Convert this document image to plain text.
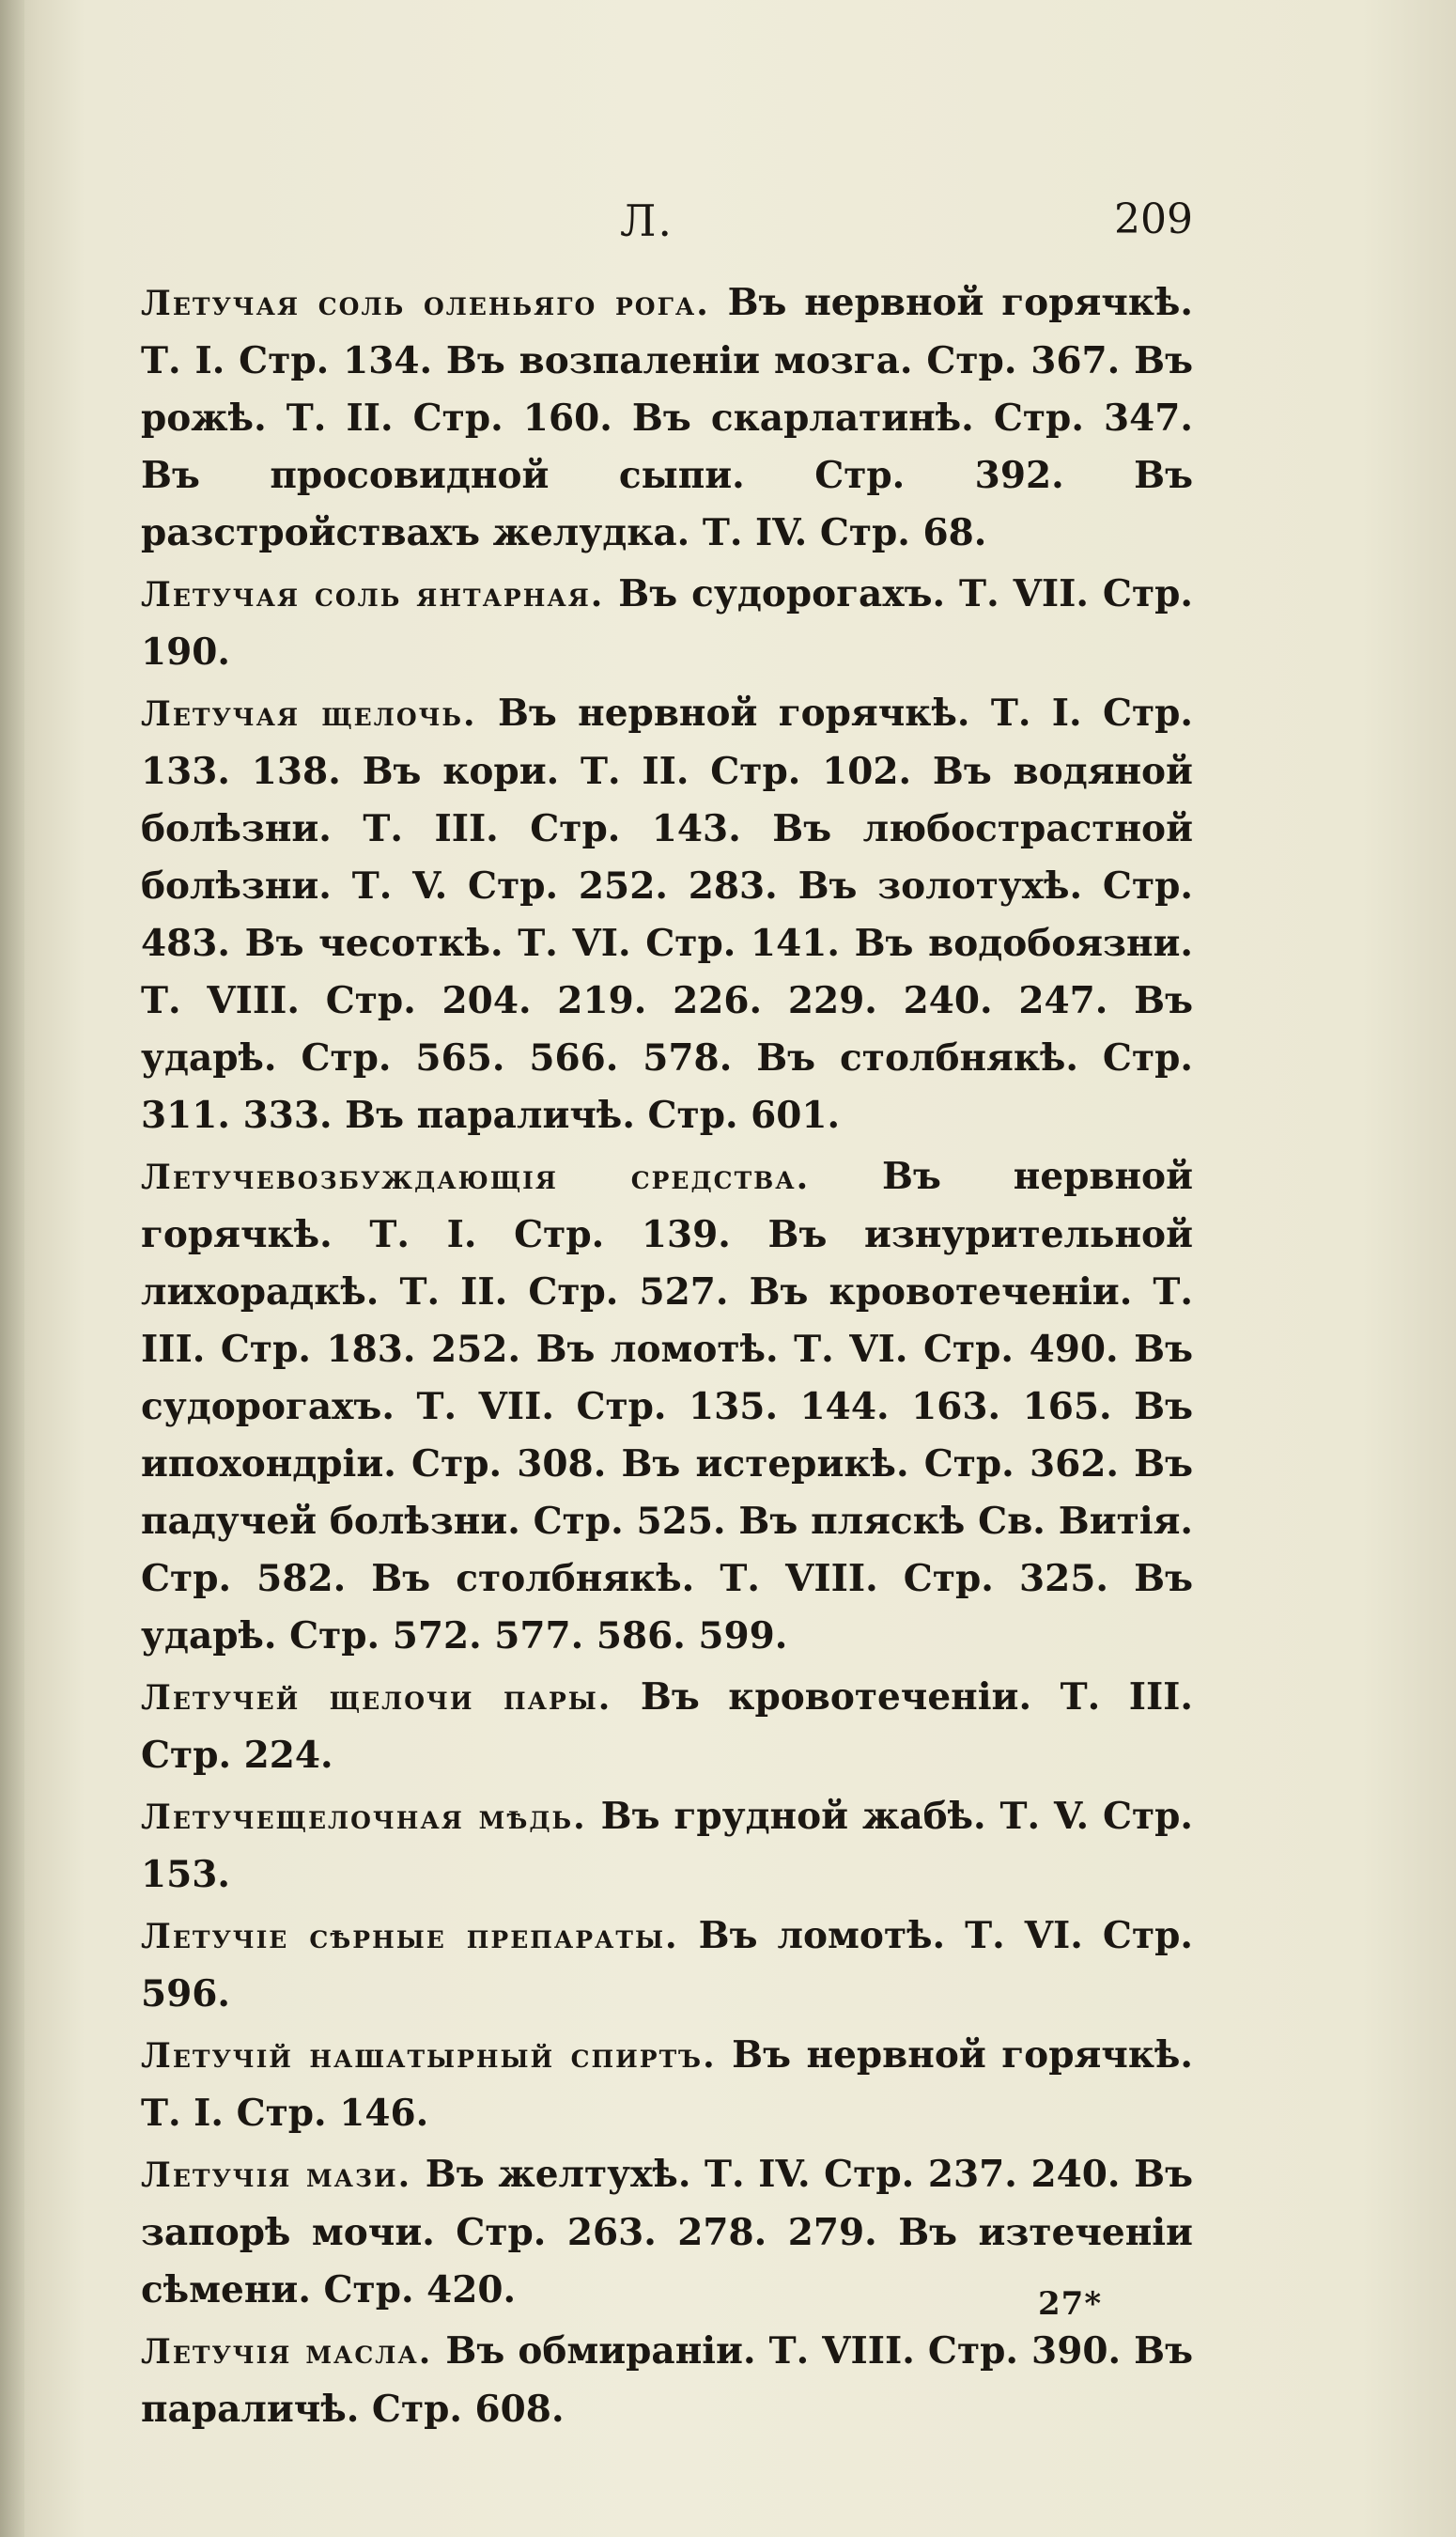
Л.	209

Летучая соль оленьяго рога. Въ нервной горячкѣ. Т. I. Стр. 134. Въ возпаленіи мозга. Стр. 367. Въ рожѣ. Т. II. Стр. 160. Въ скарлатинѣ. Стр. 347. Въ просовидной сыпи. Стр. 392. Въ разстройствахъ желудка. Т. IV. Стр. 68.

Летучая соль янтарная. Въ судорогахъ. Т. VII. Стр. 190.

Летучая щелочь. Въ нервной горячкѣ. Т. I. Стр. 133. 138. Въ кори. Т. II. Стр. 102. Въ водяной болѣзни. Т. III. Стр. 143. Въ любострастной болѣзни. Т. V. Стр. 252. 283. Въ золотухѣ. Стр. 483. Въ чесоткѣ. Т. VI. Стр. 141. Въ водобоязни. Т. VIII. Стр. 204. 219. 226. 229. 240. 247. Въ ударѣ. Стр. 565. 566. 578. Въ столбнякѣ. Стр. 311. 333. Въ параличѣ. Стр. 601.

Летучевозбуждающія средства. Въ нервной горячкѣ. Т. I. Стр. 139. Въ изнурительной лихорадкѣ. Т. II. Стр. 527. Въ кровотеченіи. Т. III. Стр. 183. 252. Въ ломотѣ. Т. VI. Стр. 490. Въ судорогахъ. Т. VII. Стр. 135. 144. 163. 165. Въ ипохондріи. Стр. 308. Въ истерикѣ. Стр. 362. Въ падучей болѣзни. Стр. 525. Въ пляскѣ Св. Витія. Стр. 582. Въ столбнякѣ. Т. VIII. Стр. 325. Въ ударѣ. Стр. 572. 577. 586. 599.

Летучей щелочи пары. Въ кровотеченіи. Т. III. Стр. 224.

Летучещелочная мѣдь. Въ грудной жабѣ. Т. V. Стр. 153.

Летучіе сѣрные препараты. Въ ломотѣ. Т. VI. Стр. 596.

Летучій нашатырный спиртъ. Въ нервной горячкѣ. Т. I. Стр. 146.

Летучія мази. Въ желтухѣ. Т. IV. Стр. 237. 240. Въ запорѣ мочи. Стр. 263. 278. 279. Въ изтеченіи сѣмени. Стр. 420.

Летучія масла. Въ обмираніи. Т. VIII. Стр. 390. Въ параличѣ. Стр. 608.

27*
